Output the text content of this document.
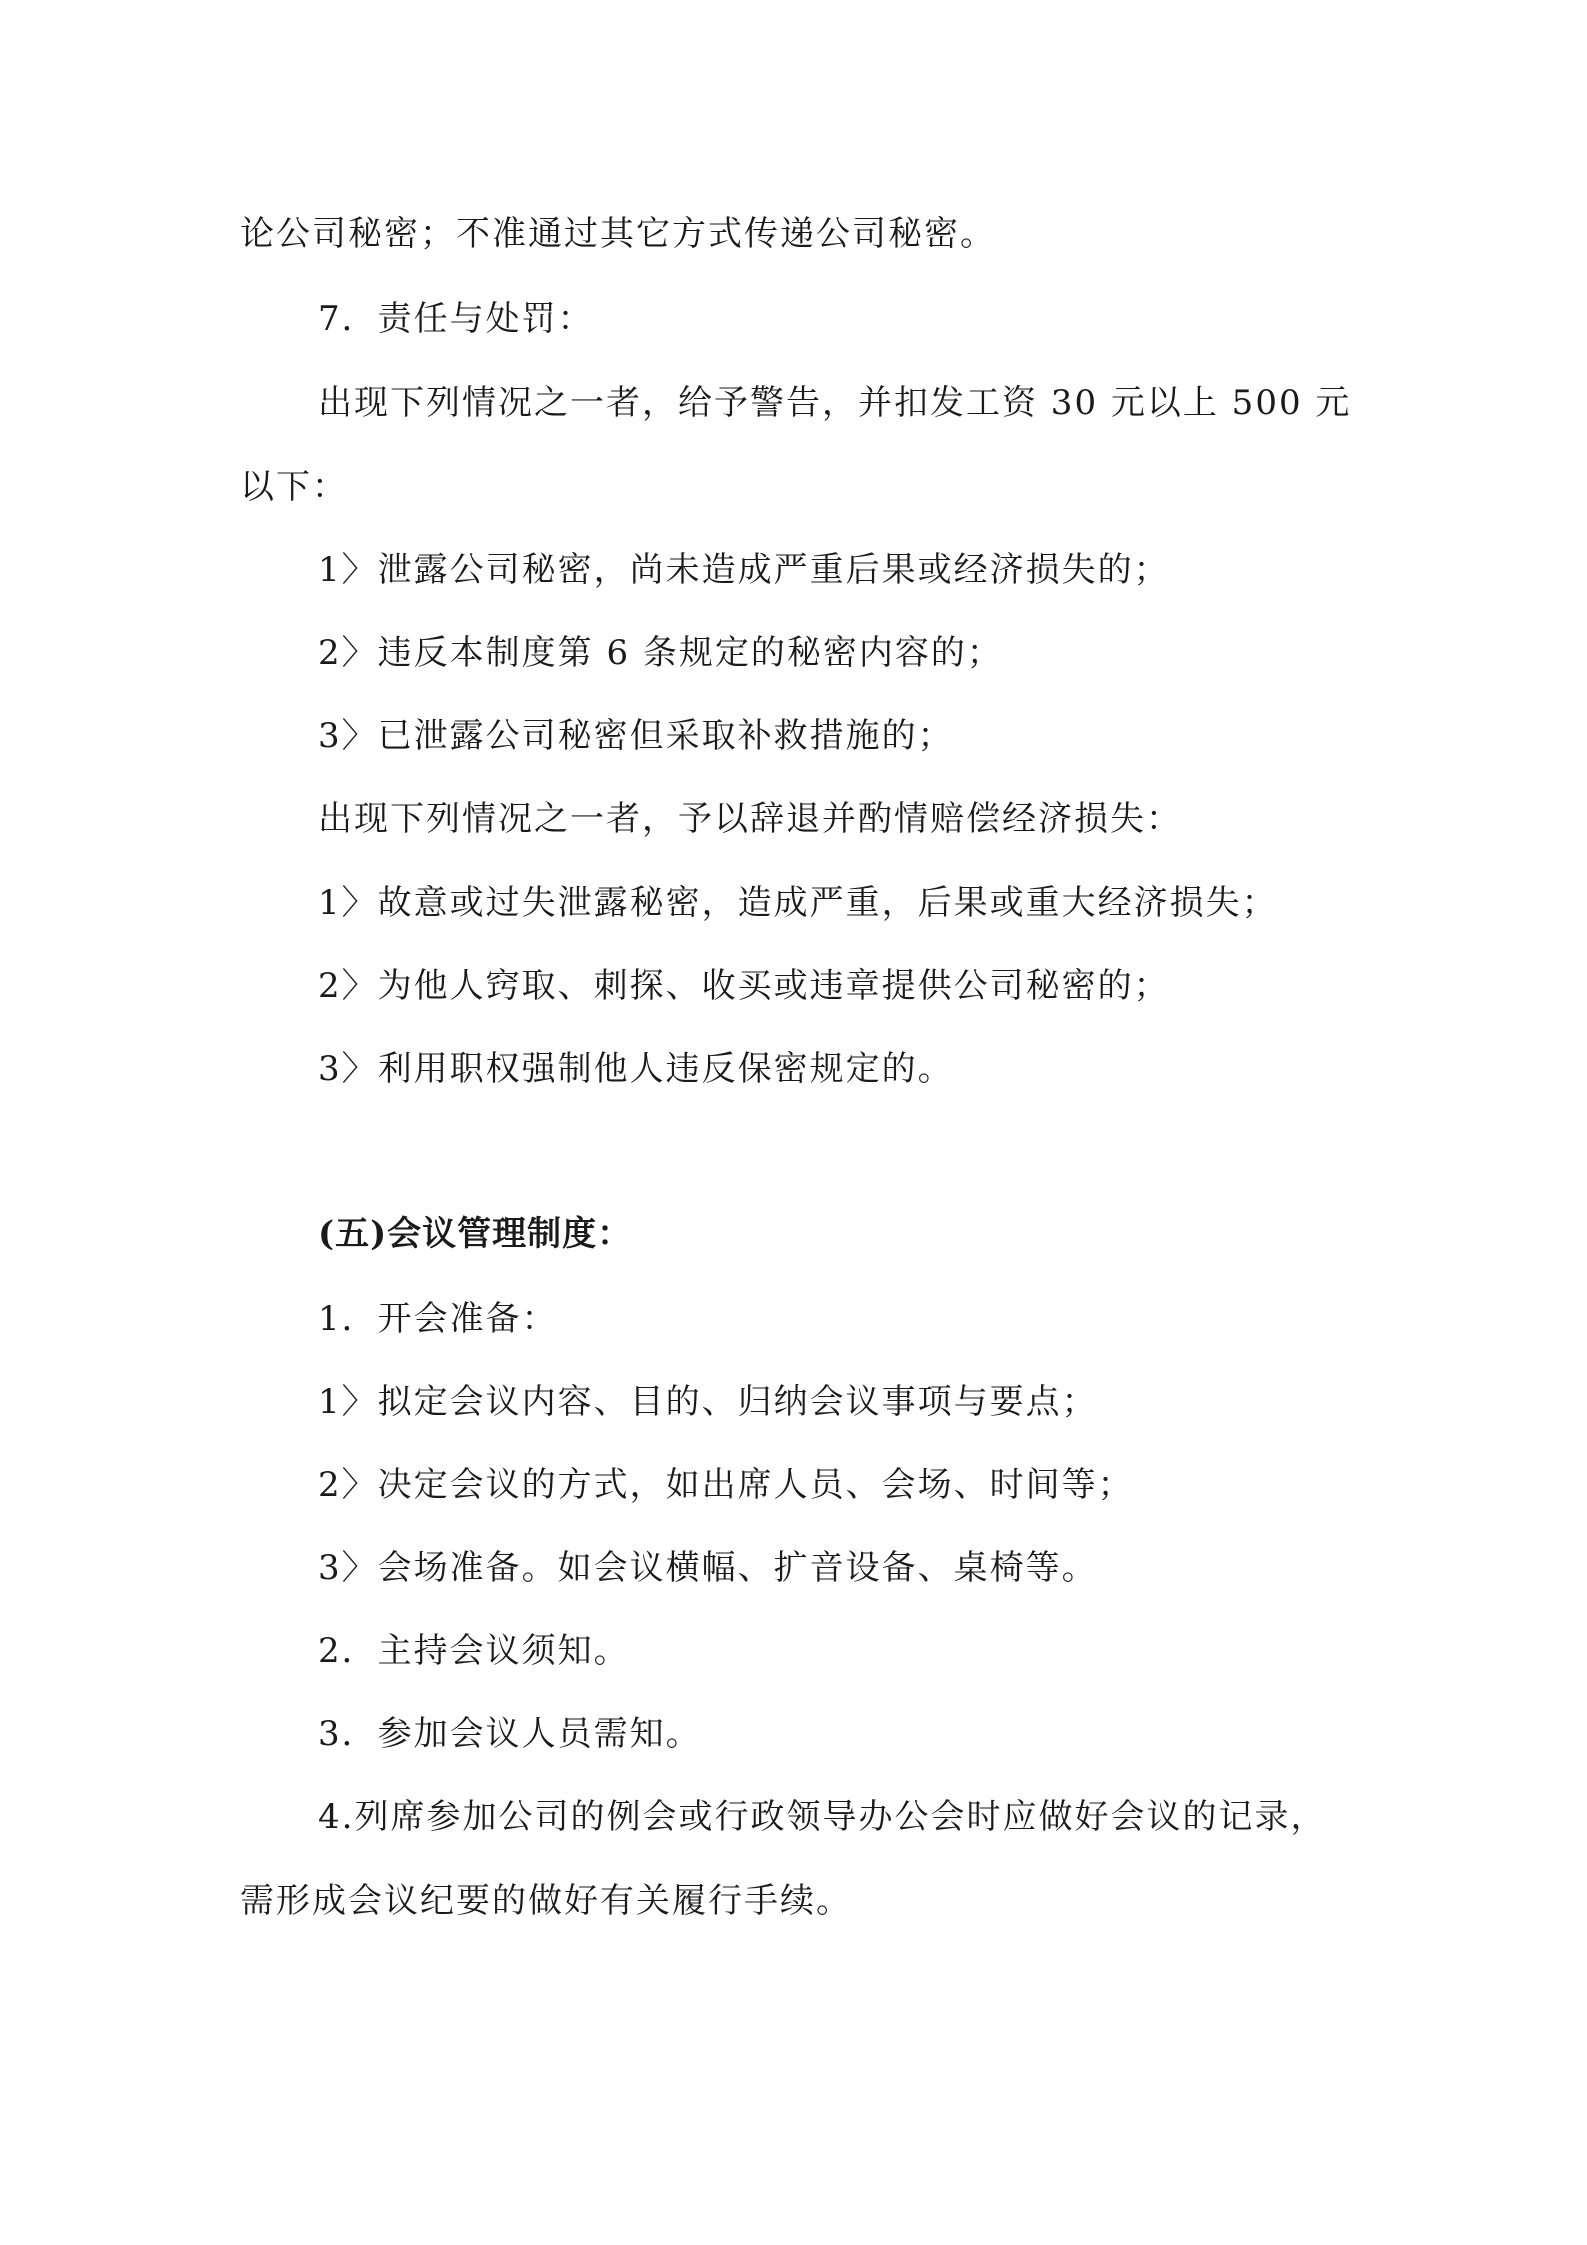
论公司秘密；不准通过其它方式传递公司秘密。
7．责任与处罚：
出现下列情况之一者，给予警告，并扣发工资 30 元以上 500 元
以下：
1〉泄露公司秘密，尚未造成严重后果或经济损失的；
2〉违反本制度第 6 条规定的秘密内容的；
3〉已泄露公司秘密但采取补救措施的；
出现下列情况之一者，予以辞退并酌情赔偿经济损失：
1〉故意或过失泄露秘密，造成严重，后果或重大经济损失；
2〉为他人窍取、刺探、收买或违章提供公司秘密的；
3〉利用职权强制他人违反保密规定的。
(五)会议管理制度：
1．开会准备：
1〉拟定会议内容、目的、归纳会议事项与要点；
2〉决定会议的方式，如出席人员、会场、时间等；
3〉会场准备。如会议横幅、扩音设备、桌椅等。
2．主持会议须知。
3．参加会议人员需知。
4.列席参加公司的例会或行政领导办公会时应做好会议的记录，
需形成会议纪要的做好有关履行手续。
